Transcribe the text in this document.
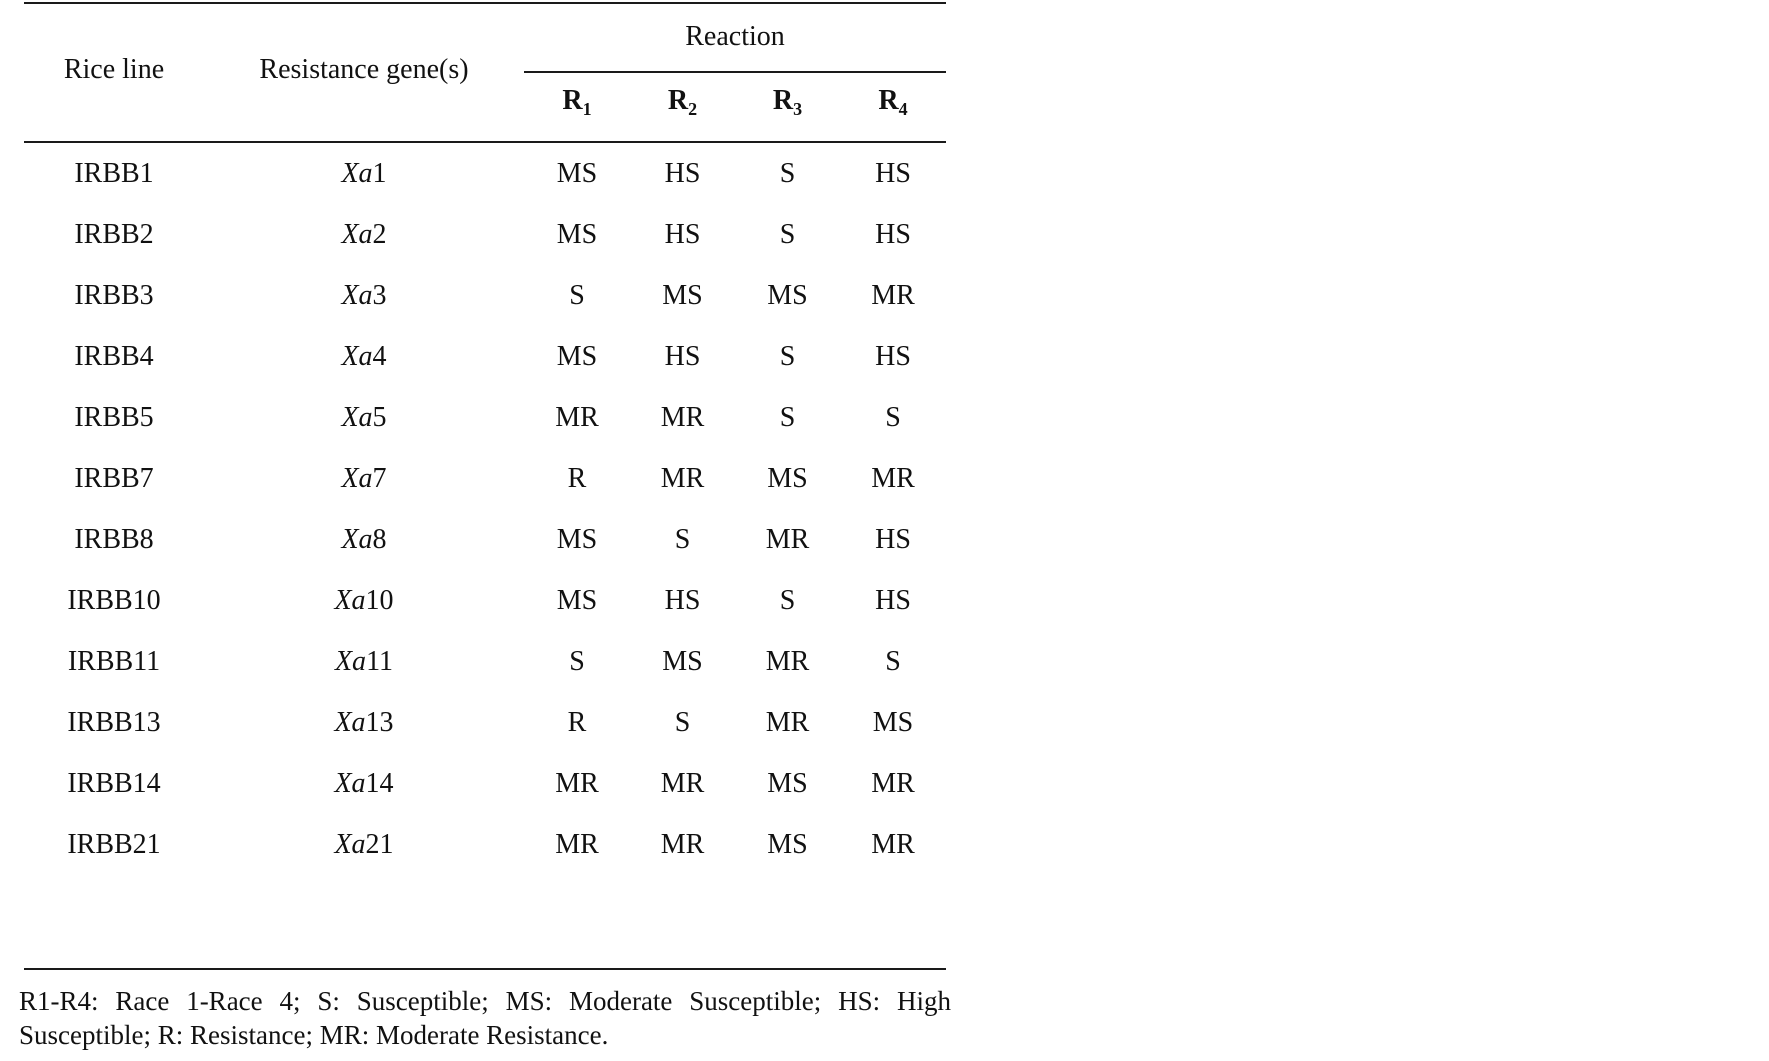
Rice line	Resistance gene(s)
Reaction
$R_1$	$R_2$	$R_3$	$R_4$
IRBB1	Xa1	MS	HS	S	HS
IRBB2	Xa2	MS	HS	S	HS
IRBB3	Xa3	S	MS	MS	MR
IRBB4	Xa4	MS	HS	S	HS
IRBB5	Xa5	MR	MR	S	S
IRBB7	Xa7	R	MR	MS	MR
IRBB8	Xa8	MS	S	MR	HS
IRBB10	Xa10	MS	HS	S	HS
IRBB11	Xa11	S	MS	MR	S
IRBB13	Xa13	R	S	MR	MS
IRBB14	Xa14	MR	MR	MS	MR
IRBB21	Xa21	MR	MR	MS	MR
R1-R4: Race 1-Race 4; S: Susceptible; MS: Moderate Susceptible; HS: High Susceptible; R: Resistance; MR: Moderate Resistance.
